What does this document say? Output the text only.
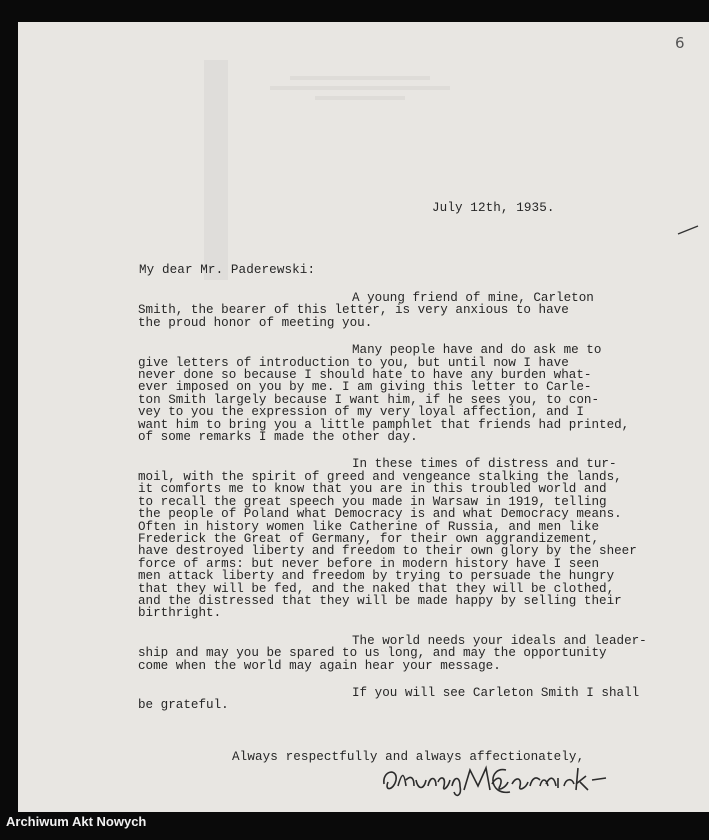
6
July 12th, 1935.
My dear Mr. Paderewski:
A young friend of mine, Carleton
Smith, the bearer of this letter, is very anxious to have
the proud honor of meeting you.
Many people have and do ask me to
give letters of introduction to you, but until now I have
never done so because I should hate to have any burden what-
ever imposed on you by me. I am giving this letter to Carle-
ton Smith largely because I want him, if he sees you, to con-
vey to you the expression of my very loyal affection, and I
want him to bring you a little pamphlet that friends had printed,
of some remarks I made the other day.
In these times of distress and tur-
moil, with the spirit of greed and vengeance stalking the lands,
it comforts me to know that you are in this troubled world and
to recall the great speech you made in Warsaw in 1919, telling
the people of Poland what Democracy is and what Democracy means.
Often in history women like Catherine of Russia, and men like
Frederick the Great of Germany, for their own aggrandizement,
have destroyed liberty and freedom to their own glory by the sheer
force of arms: but never before in modern history have I seen
men attack liberty and freedom by trying to persuade the hungry
that they will be fed, and the naked that they will be clothed,
and the distressed that they will be made happy by selling their
birthright.
The world needs your ideals and leader-
ship and may you be spared to us long, and may the opportunity
come when the world may again hear your message.
If you will see Carleton Smith I shall
be grateful.
Always respectfully and always affectionately,
Archiwum Akt Nowych
